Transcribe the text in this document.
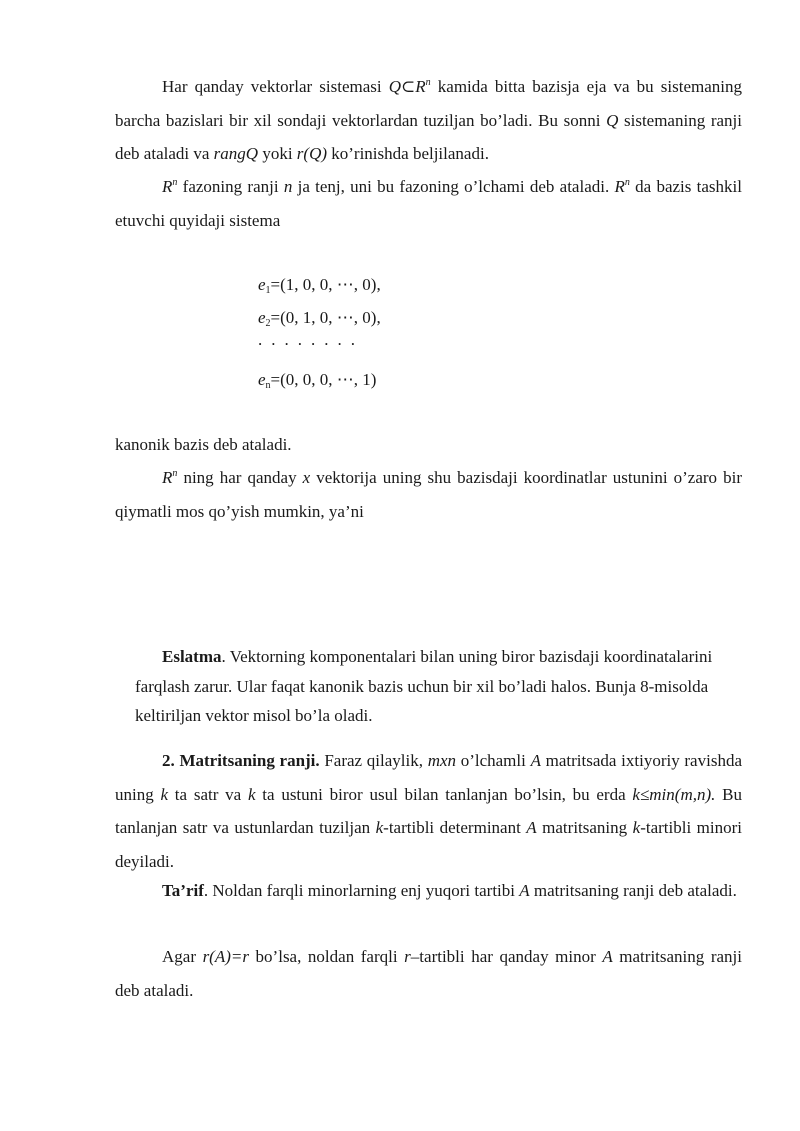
Har qanday vektorlar sistemasi $Q\subset R^n$ kamida bitta bazisja eja va bu sistemaning barcha bazislari bir xil sondaji vektorlardan tuziljan bo’ladi. Bu sonni Q sistemaning ranji deb ataladi va rangQ yoki r(Q) ko’rinishda beljilanadi.

$R^n$ fazoning ranji n ja tenj, uni bu fazoning o’lchami deb ataladi. $R^n$ da bazis tashkil etuvchi quyidaji sistema

$e_1=(1$, 0, 0, ⋯, 0),
$e_2=(0$, 1, 0, ⋯, 0),
........
$e_n=(0$, 0, 0, ⋯, 1)

kanonik bazis deb ataladi.

$R^n$ ning har qanday x vektorija uning shu bazisdaji koordinatlar ustunini o’zaro bir qiymatli mos qo’yish mumkin, ya’ni

Eslatma. Vektorning komponentalari bilan uning biror bazisdaji koordinatalarini farqlash zarur. Ular faqat kanonik bazis uchun bir xil bo’ladi halos. Bunja 8-misolda keltiriljan vektor misol bo’la oladi.

2. Matritsaning ranji. Faraz qilaylik, mxn o’lchamli A matritsada ixtiyoriy ravishda uning k ta satr va k ta ustuni biror usul bilan tanlanjan bo’lsin, bu erda k≤min(m,n). Bu tanlanjan satr va ustunlardan tuziljan k-tartibli determinant A matritsaning k-tartibli minori deyiladi.

Ta’rif. Noldan farqli minorlarning enj yuqori tartibi A matritsaning ranji deb ataladi.

Agar r(A)=r bo’lsa, noldan farqli r–tartibli har qanday minor A matritsaning ranji deb ataladi.
